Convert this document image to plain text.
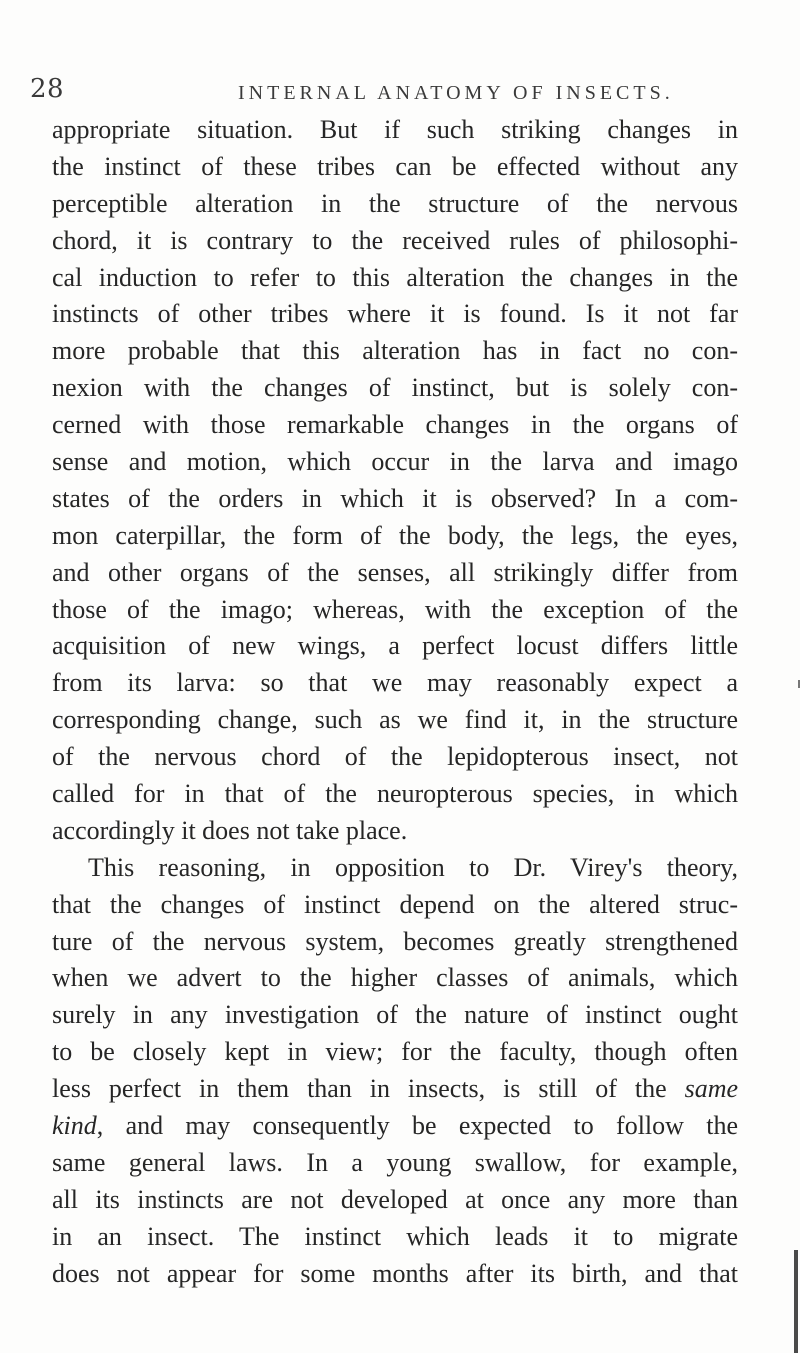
28	INTERNAL ANATOMY OF INSECTS.
appropriate situation. But if such striking changes in
the instinct of these tribes can be effected without any
perceptible alteration in the structure of the nervous
chord, it is contrary to the received rules of philosophi-
cal induction to refer to this alteration the changes in the
instincts of other tribes where it is found. Is it not far
more probable that this alteration has in fact no con-
nexion with the changes of instinct, but is solely con-
cerned with those remarkable changes in the organs of
sense and motion, which occur in the larva and imago
states of the orders in which it is observed? In a com-
mon caterpillar, the form of the body, the legs, the eyes,
and other organs of the senses, all strikingly differ from
those of the imago; whereas, with the exception of the
acquisition of new wings, a perfect locust differs little
from its larva: so that we may reasonably expect a
corresponding change, such as we find it, in the structure
of the nervous chord of the lepidopterous insect, not
called for in that of the neuropterous species, in which
accordingly it does not take place.
This reasoning, in opposition to Dr. Virey's theory,
that the changes of instinct depend on the altered struc-
ture of the nervous system, becomes greatly strengthened
when we advert to the higher classes of animals, which
surely in any investigation of the nature of instinct ought
to be closely kept in view; for the faculty, though often
less perfect in them than in insects, is still of the same
kind, and may consequently be expected to follow the
same general laws. In a young swallow, for example,
all its instincts are not developed at once any more than
in an insect. The instinct which leads it to migrate
does not appear for some months after its birth, and that
